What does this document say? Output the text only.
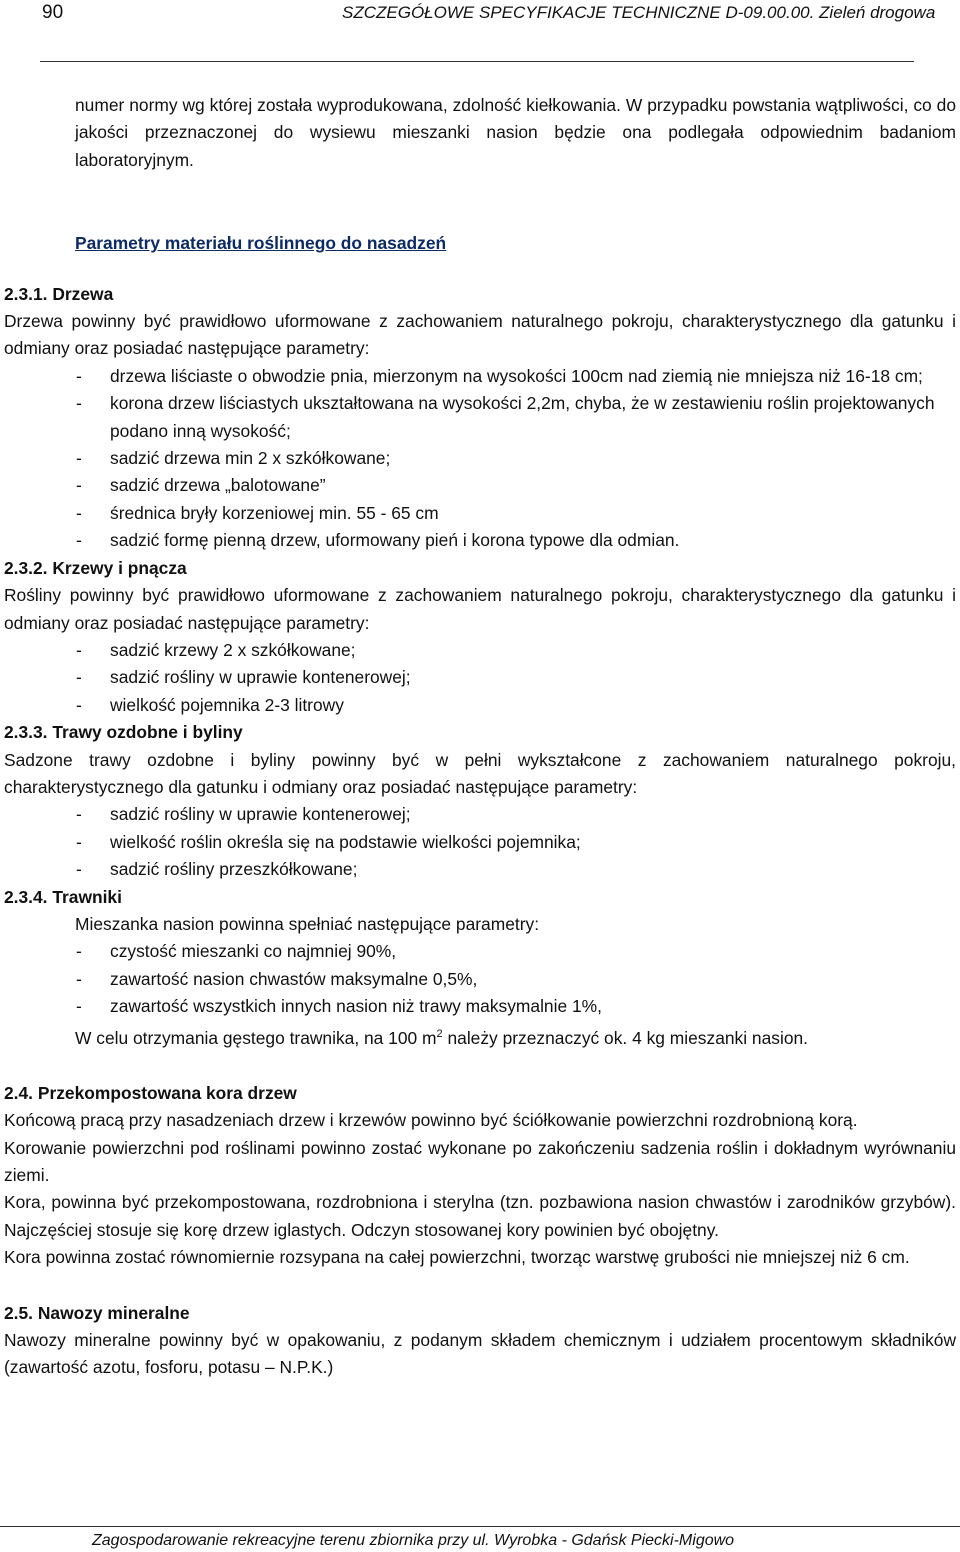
90	SZCZEGÓŁOWE SPECYFIKACJE TECHNICZNE D-09.00.00. Zieleń drogowa

numer normy wg której została wyprodukowana, zdolność kiełkowania. W przypadku powstania wątpliwości, co do jakości przeznaczonej do wysiewu mieszanki nasion będzie ona podlegała odpowiednim badaniom laboratoryjnym.

Parametry materiału roślinnego do nasadzeń

2.3.1. Drzewa

Drzewa powinny być prawidłowo uformowane z zachowaniem naturalnego pokroju, charakterystycznego dla gatunku i odmiany oraz posiadać następujące parametry:

- drzewa liściaste o obwodzie pnia, mierzonym na wysokości 100cm nad ziemią nie mniejsza niż 16-18 cm;
- korona drzew liściastych ukształtowana na wysokości 2,2m, chyba, że w zestawieniu roślin projektowanych podano inną wysokość;
- sadzić drzewa min 2 x szkółkowane;
- sadzić drzewa „balotowane”
- średnica bryły korzeniowej min. 55 - 65 cm
- sadzić formę pienną drzew, uformowany pień i korona typowe dla odmian.

2.3.2. Krzewy i pnącza

Rośliny powinny być prawidłowo uformowane z zachowaniem naturalnego pokroju, charakterystycznego dla gatunku i odmiany oraz posiadać następujące parametry:

- sadzić krzewy 2 x szkółkowane;
- sadzić rośliny w uprawie kontenerowej;
- wielkość pojemnika 2-3 litrowy

2.3.3. Trawy ozdobne i byliny

Sadzone trawy ozdobne i byliny powinny być w pełni wykształcone z zachowaniem naturalnego pokroju, charakterystycznego dla gatunku i odmiany oraz posiadać następujące parametry:

- sadzić rośliny w uprawie kontenerowej;
- wielkość roślin określa się na podstawie wielkości pojemnika;
- sadzić rośliny przeszkółkowane;

2.3.4. Trawniki

Mieszanka nasion powinna spełniać następujące parametry:

- czystość mieszanki co najmniej 90%,
- zawartość nasion chwastów maksymalne 0,5%,
- zawartość wszystkich innych nasion niż trawy maksymalnie 1%,

W celu otrzymania gęstego trawnika, na 100 $m^2$ należy przezn‍aczyć ok. 4 kg mieszanki nasion.

2.4. Przekompostowana kora drzew

Końcową pracą przy nasadzeniach drzew i krzewów powinno być ściółkowanie powierzchni rozdrobnioną korą.

Korowanie powierzchni pod roślinami powinno zostać wykonane po zakończeniu sadzenia roślin i dokładnym wyrównaniu ziemi.

Kora, powinna być przekompostowana, rozdrobniona i sterylna (tzn. pozbawiona nasion chwastów i zarodników grzybów). Najczęściej stosuje się korę drzew iglastych. Odczyn stosowanej kory powinien być obojętny.

Kora powinna zostać równomiernie rozsypana na całej powierzchni, tworząc warstwę grubości nie mniejszej niż 6 cm.

2.5. Nawozy mineralne

Nawozy mineralne powinny być w opakowaniu, z podanym składem chemicznym i udziałem procentowym składników (zawartość azotu, fosforu, potasu – N.P.K.)

Zagospodarowanie rekreacyjne terenu zbiornika przy ul. Wyrobka - Gdańsk Piecki-Migowo
